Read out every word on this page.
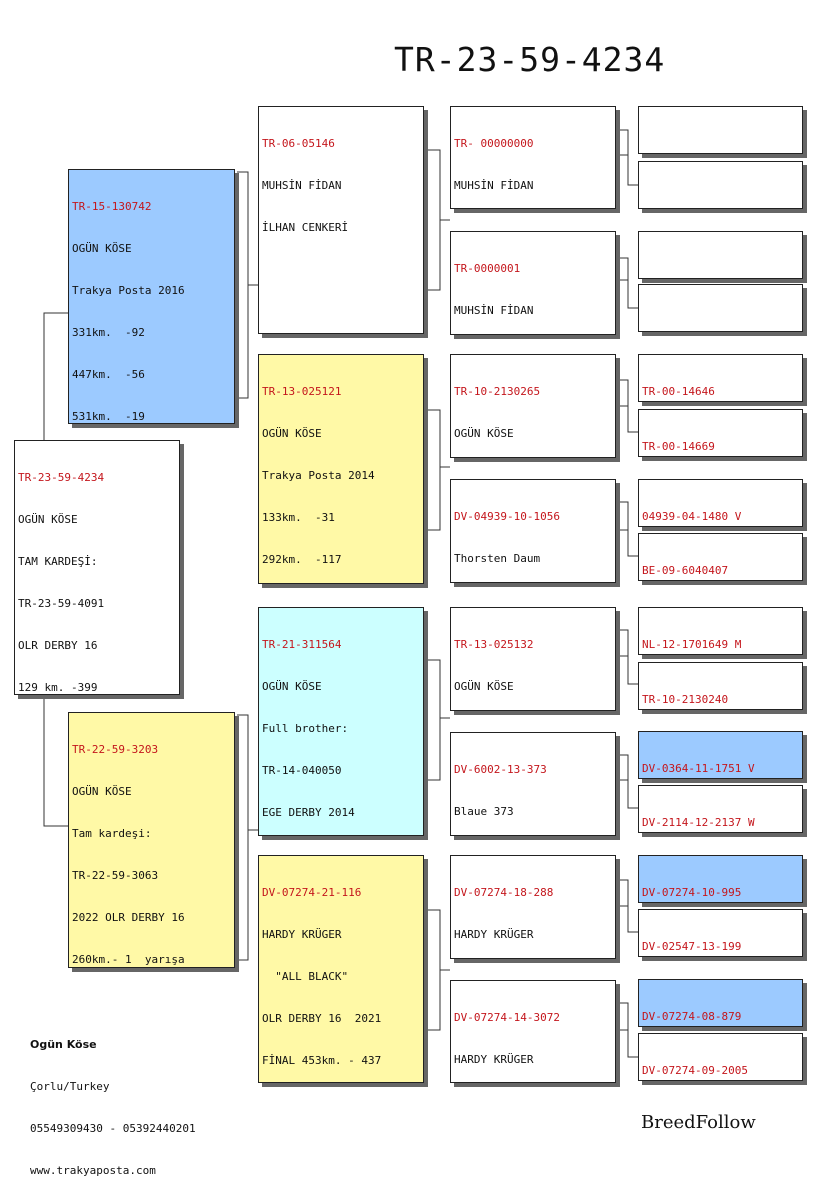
TR-23-59-4234

TR-23-59-4234

OGÜN KÖSE

TAM KARDEŞİ:

TR-23-59-4091

OLR DERBY 16

129 km. -399

TR-15-130742

OGÜN KÖSE

Trakya Posta 2016

331km.  -92

447km.  -56

531km.  -19

TR-22-59-3203

OGÜN KÖSE

Tam kardeşi:

TR-22-59-3063

2022 OLR DERBY 16

260km.- 1  yarışa

TR-06-05146

MUHSİN FİDAN

İLHAN CENKERİ

TR-13-025121

OGÜN KÖSE

Trakya Posta 2014

133km.  -31

292km.  -117

TR-21-311564

OGÜN KÖSE

Full brother:

TR-14-040050

EGE DERBY 2014

DV-07274-21-116

HARDY KRÜGER

"ALL BLACK"

OLR DERBY 16  2021

FİNAL 453km. - 437

TR- 00000000

MUHSİN FİDAN

TR-0000001

MUHSİN FİDAN

TR-10-2130265

OGÜN KÖSE

DV-04939-10-1056

Thorsten Daum

TR-13-025132

OGÜN KÖSE

DV-6002-13-373

Blaue 373

DV-07274-18-288

HARDY KRÜGER

DV-07274-14-3072

HARDY KRÜGER

TR-00-14646

TR-00-14669

04939-04-1480 V

BE-09-6040407

NL-12-1701649 M

TR-10-2130240

DV-0364-11-1751 V

DV-2114-12-2137 W

DV-07274-10-995

DV-02547-13-199

DV-07274-08-879

DV-07274-09-2005

Ogün Köse

Çorlu/Turkey

05549309430 - 05392440201

www.trakyaposta.com

BreedFollow
